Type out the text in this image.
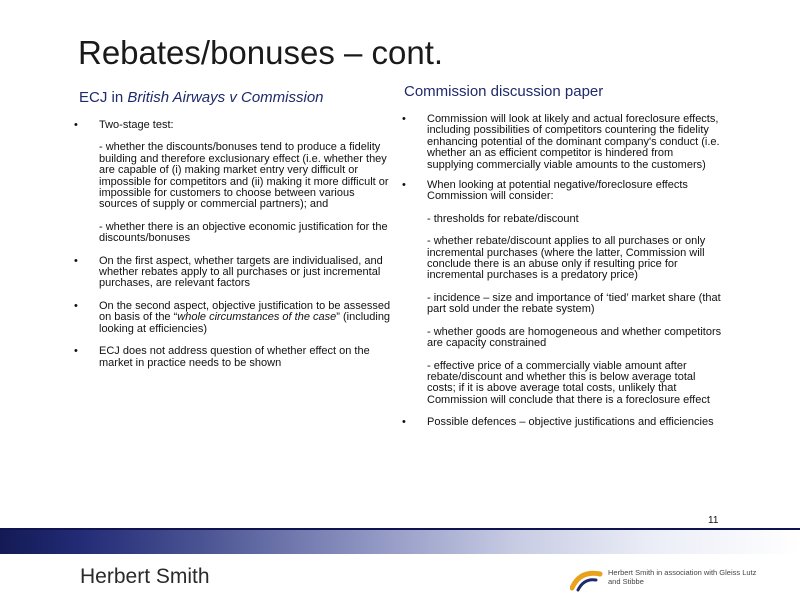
Rebates/bonuses – cont.
ECJ in British Airways v Commission	Commission discussion paper
• Two-stage test:
- whether the discounts/bonuses tend to produce a fidelity building and therefore exclusionary effect (i.e. whether they are capable of (i) making market entry very difficult or impossible for competitors and (ii) making it more difficult or impossible for customers to choose between various sources of supply or commercial partners); and
- whether there is an objective economic justification for the discounts/bonuses
• On the first aspect, whether targets are individualised, and whether rebates apply to all purchases or just incremental purchases, are relevant factors
• On the second aspect, objective justification to be assessed on basis of the “whole circumstances of the case” (including looking at efficiencies)
• ECJ does not address question of whether effect on the market in practice needs to be shown
• Commission will look at likely and actual foreclosure effects, including possibilities of competitors countering the fidelity enhancing potential of the dominant company's conduct (i.e. whether an as efficient competitor is hindered from supplying commercially viable amounts to the customers)
• When looking at potential negative/foreclosure effects Commission will consider:
- thresholds for rebate/discount
- whether rebate/discount applies to all purchases or only incremental purchases (where the latter, Commission will conclude there is an abuse only if resulting price for incremental purchases is a predatory price)
- incidence – size and importance of ‘tied’ market share (that part sold under the rebate system)
- whether goods are homogeneous and whether competitors are capacity constrained
- effective price of a commercially viable amount after rebate/discount and whether this is below average total costs; if it is above average total costs, unlikely that Commission will conclude that there is a foreclosure effect
• Possible defences – objective justifications and efficiencies
11
Herbert Smith	Herbert Smith in association with Gleiss Lutz and Stibbe
